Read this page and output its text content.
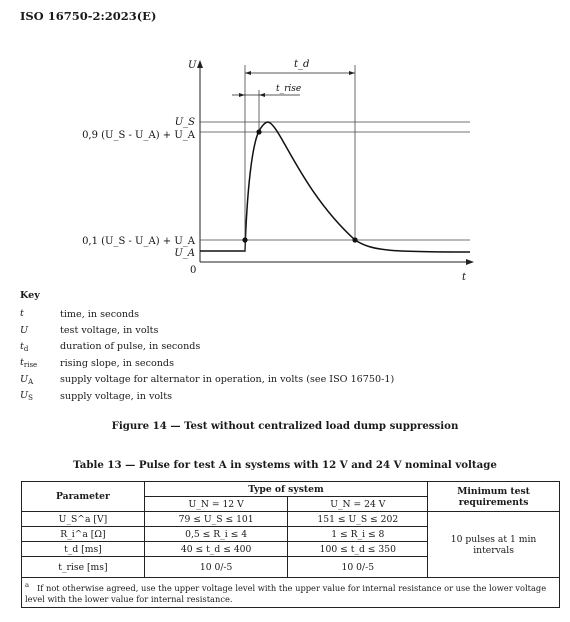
ISO 16750-2:2023(E)
U
t
0
t_d
t_rise
U_S
0,9 (U_S - U_A) + U_A
0,1 (U_S - U_A) + U_A
U_A
Key
t	time, in seconds
U	test voltage, in volts
$t_d$	duration of pulse, in seconds
$t_{rise}$	rising slope, in seconds
$U_A$	supply voltage for alternator in operation, in volts (see ISO 16750-1)
$U_S$	supply voltage, in volts
Figure 14 — Test without centralized load dump suppression
Table 13 — Pulse for test A in systems with 12 V and 24 V nominal voltage
Parameter	Type of system		Minimum test requirements
	U_N = 12 V	U_N = 24 V	
U_S^a [V]	79 ≤ U_S ≤ 101	151 ≤ U_S ≤ 202	10 pulses at 1 min intervals
R_i^a [Ω]	0,5 ≤ R_i ≤ 4	1 ≤ R_i ≤ 8	
t_d [ms]	40 ≤ t_d ≤ 400	100 ≤ t_d ≤ 350	
t_rise [ms]	10 0/-5	10 0/-5	
$^a$ If not otherwise agreed, use the upper voltage level with the upper value for internal resistance or use the lower voltage level with the lower value for internal resistance.			
